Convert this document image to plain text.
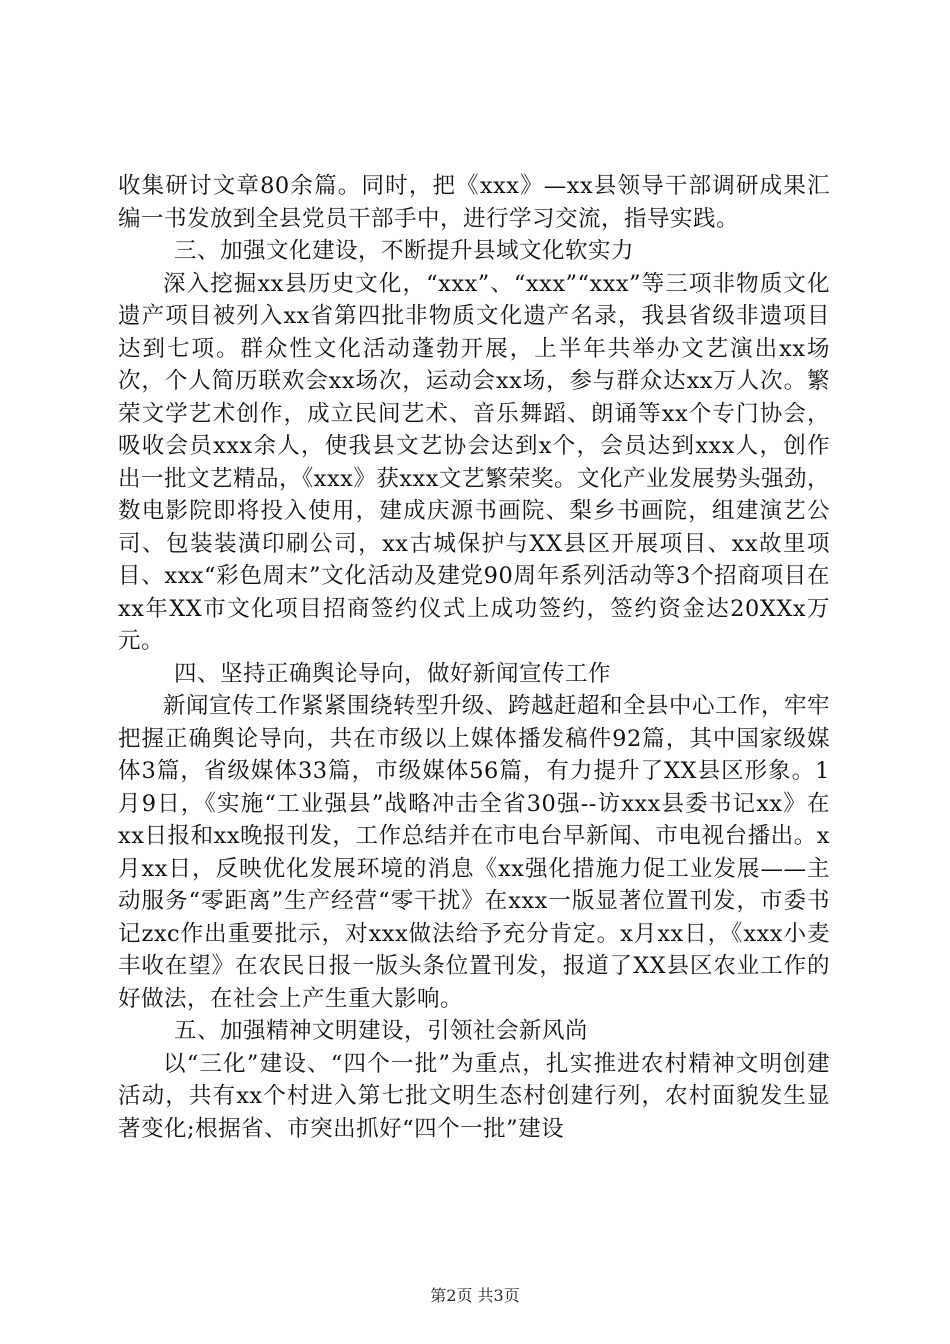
收集研讨文章80余篇。同时，把《xxx》—xx县领导干部调研成果汇编一书发放到全县党员干部手中，进行学习交流，指导实践。

三、加强文化建设，不断提升县域文化软实力

深入挖掘xx县历史文化，“xxx”、“xxx”“xxx”等三项非物质文化遗产项目被列入xx省第四批非物质文化遗产名录，我县省级非遗项目达到七项。群众性文化活动蓬勃开展，上半年共举办文艺演出xx场次，个人简历联欢会xx场次，运动会xx场，参与群众达xx万人次。繁荣文学艺术创作，成立民间艺术、音乐舞蹈、朗诵等xx个专门协会，吸收会员xxx余人，使我县文艺协会达到x个，会员达到xxx人，创作出一批文艺精品，《xxx》获xxx文艺繁荣奖。文化产业发展势头强劲，数电影院即将投入使用，建成庆源书画院、梨乡书画院，组建演艺公司、包装装潢印刷公司，xx古城保护与XX县区开展项目、xx故里项目、xxx“彩色周末”文化活动及建党90周年系列活动等3个招商项目在xx年XX市文化项目招商签约仪式上成功签约，签约资金达20XXx万元。

四、坚持正确舆论导向，做好新闻宣传工作

新闻宣传工作紧紧围绕转型升级、跨越赶超和全县中心工作，牢牢把握正确舆论导向，共在市级以上媒体播发稿件92篇，其中国家级媒体3篇，省级媒体33篇，市级媒体56篇，有力提升了XX县区形象。1月9日，《实施“工业强县”战略冲击全省30强--访xxx县委书记xx》在xx日报和xx晚报刊发，工作总结并在市电台早新闻、市电视台播出。x月xx日，反映优化发展环境的消息《xx强化措施力促工业发展——主动服务“零距离”生产经营“零干扰》在xxx一版显著位置刊发，市委书记zxc作出重要批示，对xxx做法给予充分肯定。x月xx日，《xxx小麦丰收在望》在农民日报一版头条位置刊发，报道了XX县区农业工作的好做法，在社会上产生重大影响。

五、加强精神文明建设，引领社会新风尚

以“三化”建设、“四个一批”为重点，扎实推进农村精神文明创建活动，共有xx个村进入第七批文明生态村创建行列，农村面貌发生显著变化;根据省、市突出抓好“四个一批”建设

第2页 共3页
